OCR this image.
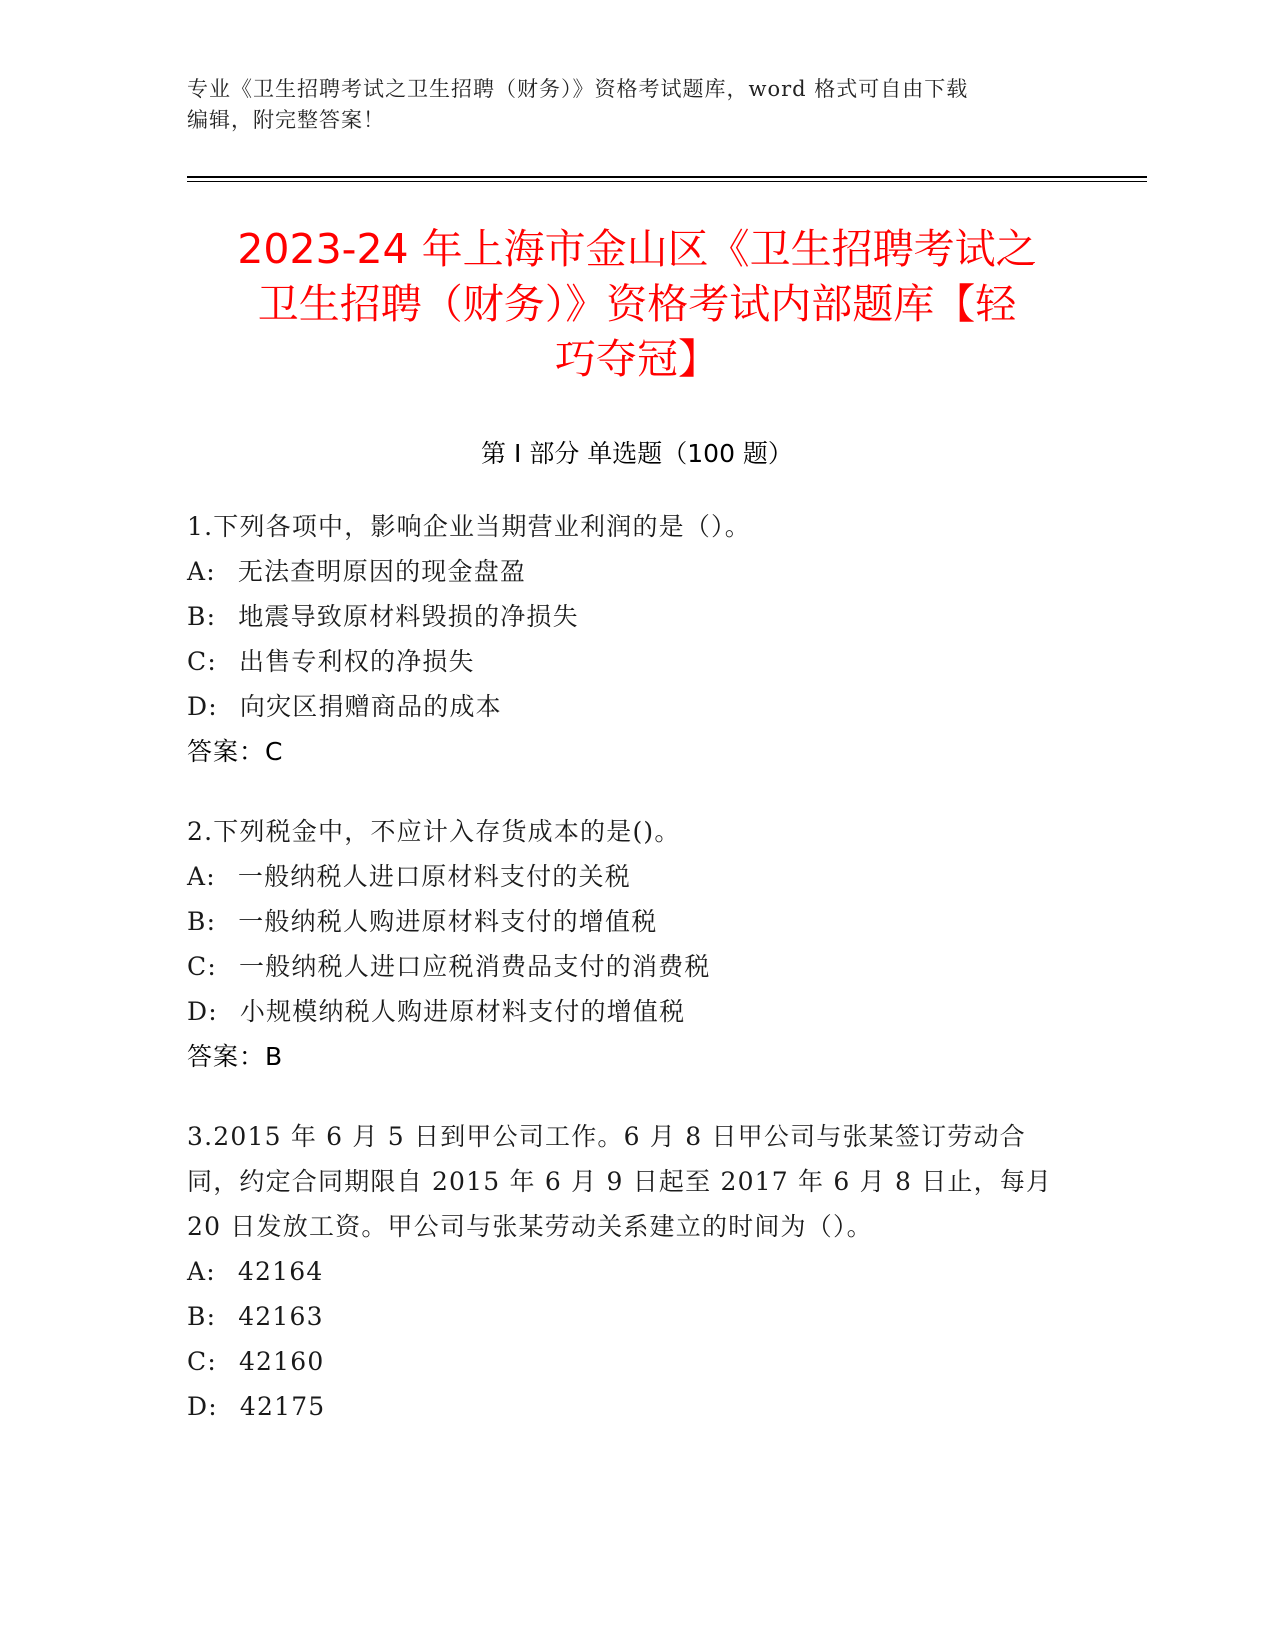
专业《卫生招聘考试之卫生招聘（财务）》资格考试题库，word 格式可自由下载
编辑，附完整答案！
2023-24 年上海市金山区《卫生招聘考试之
卫生招聘（财务）》资格考试内部题库【轻
巧夺冠】
第 I 部分 单选题（100 题）
1.下列各项中，影响企业当期营业利润的是（）。
A: 无法查明原因的现金盘盈
B: 地震导致原材料毁损的净损失
C: 出售专利权的净损失
D: 向灾区捐赠商品的成本
答案：C
2.下列税金中，不应计入存货成本的是()。
A: 一般纳税人进口原材料支付的关税
B: 一般纳税人购进原材料支付的增值税
C: 一般纳税人进口应税消费品支付的消费税
D: 小规模纳税人购进原材料支付的增值税
答案：B
3.2015 年 6 月 5 日到甲公司工作。6 月 8 日甲公司与张某签订劳动合
同，约定合同期限自 2015 年 6 月 9 日起至 2017 年 6 月 8 日止，每月
20 日发放工资。甲公司与张某劳动关系建立的时间为（）。
A: 42164
B: 42163
C: 42160
D: 42175
